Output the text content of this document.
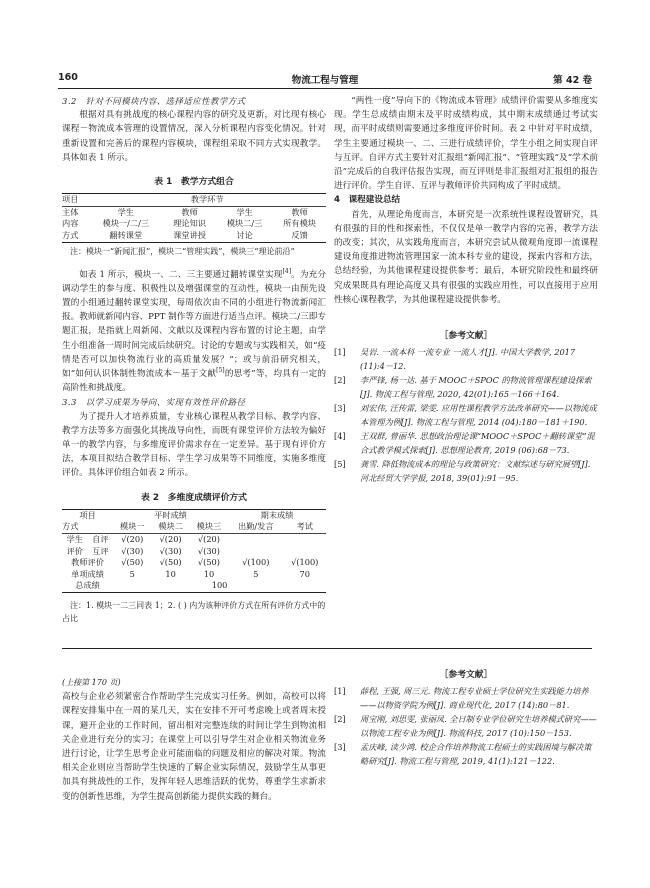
160	物流工程与管理	第 42 卷

3.2　针对不同模块内容、选择适应性教学方式

根据对具有挑战度的核心课程内容的研究及更新，对比现有核心课程－物流成本管理的设置情况，深入分析课程内容变化情况。针对重新设置和完善后的课程内容模块，课程组采取不同方式实现教学。具体如表 1 所示。

表 1　教学方式组合
项目	教学环节			
主体	学生	教师	学生	教师
内容	模块一/二/三	理论知识	模块二/三	所有模块
方式	翻转课堂	课堂讲授	讨论	反馈

注：模块一“新闻汇报”，模块二“管理实践”，模块三“理论前沿”

如表 1 所示，模块一、二、三主要通过翻转课堂实现[4]。为充分调动学生的参与度、积极性以及增强课堂的互动性，模块一由预先设置的小组通过翻转课堂实现，每周依次由不同的小组进行物流新闻汇报。教师就新闻内容、PPT 制作等方面进行适当点评。模块二/三即专题汇报，是指就上周新闻、文献以及课程内容布置的讨论主题，由学生小组准备一周时间完成后续研究。讨论的专题或与实践相关，如“疫情是否可以加快物流行业的高质量发展？”；或与前沿研究相关，如“如何认识体制性物流成本－基于文献[5]的思考”等，均具有一定的高阶性和挑战度。

3.3　以学习成果为导向、实现有效性评价路径

为了提升人才培养质量，专业核心课程从教学目标、教学内容、教学方法等多方面强化其挑战导向性，而既有课堂评价方法较为偏好单一的教学内容，与多维度评价需求存在一定差异。基于现有评价方法，本项目拟结合教学目标、学生学习成果等不同维度，实施多维度评价。具体评价组合如表 2 所示。

表 2　多维度成绩评价方式
项目		平时成绩			期末成绩	
方式		模块一	模块二	模块三	出勤/发言	考试
学生	自评	√(20)	√(20)	√(20)		
评价	互评	√(30)	√(30)	√(30)		
教师评价		√(50)	√(50)	√(50)	√(100)	√(100)
单项成绩		5	10	10	5	70
总成绩		100				

注：1. 模块一二三同表 1；2. ( ) 内为该种评价方式在所有评价方式中的占比

“两性一度”导向下的《物流成本管理》成绩评价需要从多维度实现。学生总成绩由期末及平时成绩构成，其中期末成绩通过考试实现，而平时成绩则需要通过多维度评价时间。表 2 中针对平时成绩，学生主要通过模块一、二、三进行成绩评价，学生小组之间实现自评与互评。自评方式主要针对汇报组“新闻汇报”、“管理实践”及“学术前沿”完成后的自我评估报告实现，而互评则是非汇报组对汇报组的报告进行评价。学生自评、互评与教师评价共同构成了平时成绩。

4　课程建设总结

首先，从理论角度而言，本研究是一次系统性课程设置研究，具有很强的目的性和探索性，不仅仅是单一教学内容的完善，教学方法的改变；其次，从实践角度而言，本研究尝试从微观角度即一流课程建设角度推进物流管理国家一流本科专业的建设，探索内容和方法，总结经验，为其他课程建设提供参考；最后，本研究阶段性和最终研究成果既具有理论高度又具有很强的实践应用性，可以直接用于应用性核心课程教学，为其他课程建设提供参考。

［参考文献］

[1] 吴岩. 一流本科 一流专业 一流人才[J]. 中国大学教学, 2017 (11):4－12.

[2] 李严锋, 杨一达. 基于 MOOC＋SPOC 的物流管理课程建设探索[J]. 物流工程与管理, 2020, 42(01):165－166＋164.

[3] 刘宏伟, 汪传雷, 梁雯. 应用性课程教学方法改革研究——以物流成本管理为例[J]. 物流工程与管理, 2014 (04):180－181＋190.

[4] 王双群, 曾丽华. 思想政治理论课“MOOC＋SPOC＋翻转课堂”混合式教学模式探索[J]. 思想理论教育, 2019 (06):68－73.

[5] 龚雪. 降低物流成本的理论与政策研究：文献综述与研究展望[J]. 河北经贸大学学报, 2018, 39(01):91－95.

(上接第 170 页)

高校与企业必须紧密合作帮助学生完成实习任务。例如，高校可以将课程安排集中在一周的某几天，实在安排不开可考虑晚上或者周末授课，避开企业的工作时间，留出相对完整连续的时间让学生到物流相关企业进行充分的实习；在课堂上可以引导学生对企业相关物流业务进行讨论，让学生思考企业可能面临的问题及相应的解决对策。物流相关企业则应当帮助学生快速的了解企业实际情况，鼓励学生从事更加具有挑战性的工作，发挥年轻人思维活跃的优势，尊重学生求新求变的创新性思维，为学生提高创新能力提供实践的舞台。

［参考文献］

[1] 薛程, 王强, 周三元. 物流工程专业硕士学位研究生实践能力培养——以物资学院为例[J]. 商业现代化, 2017 (14):80－81.

[2] 周宝刚, 刘思雯, 张丽凤. 全日制专业学位研究生培养模式研究——以物流工程专业为例[J]. 物流科技, 2017 (10):150－153.

[3] 孟庆峰, 读少鸿. 校企合作培养物流工程硕士的实践困境与解决策略研究[J]. 物流工程与管理, 2019, 41(1):121－122.
